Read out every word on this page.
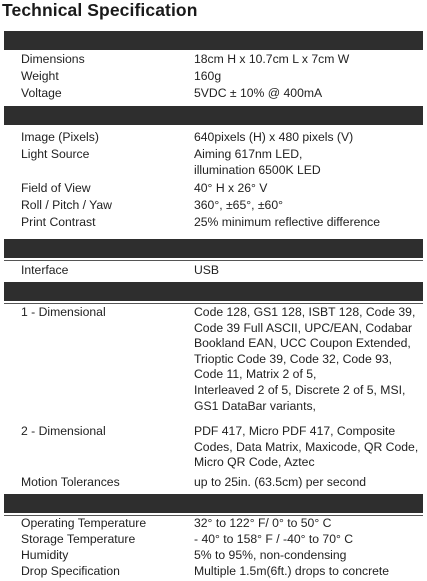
Technical Specification
Dimensions	18cm H x 10.7cm L x 7cm W
Weight	160g
Voltage	5VDC ± 10% @ 400mA
Image (Pixels)	640pixels (H) x 480 pixels (V)
Light Source	Aiming 617nm LED,
illumination 6500K LED
Field of View	40° H x 26° V
Roll / Pitch / Yaw	360°, ±65°, ±60°
Print Contrast	25% minimum reflective difference
Interface	USB
1 - Dimensional	Code 128, GS1 128, ISBT 128, Code 39,
Code 39 Full ASCII, UPC/EAN, Codabar
Bookland EAN, UCC Coupon Extended,
Trioptic Code 39, Code 32, Code 93,
Code 11, Matrix 2 of 5,
Interleaved 2 of 5, Discrete 2 of 5, MSI,
GS1 DataBar variants,
2 - Dimensional	PDF 417, Micro PDF 417, Composite
Codes, Data Matrix, Maxicode, QR Code,
Micro QR Code, Aztec
Motion Tolerances	up to 25in. (63.5cm) per second
Operating Temperature	32° to 122° F/ 0° to 50° C
Storage Temperature	- 40° to 158° F / -40° to 70° C
Humidity	5% to 95%, non-condensing
Drop Specification	Multiple 1.5m(6ft.) drops to concrete
